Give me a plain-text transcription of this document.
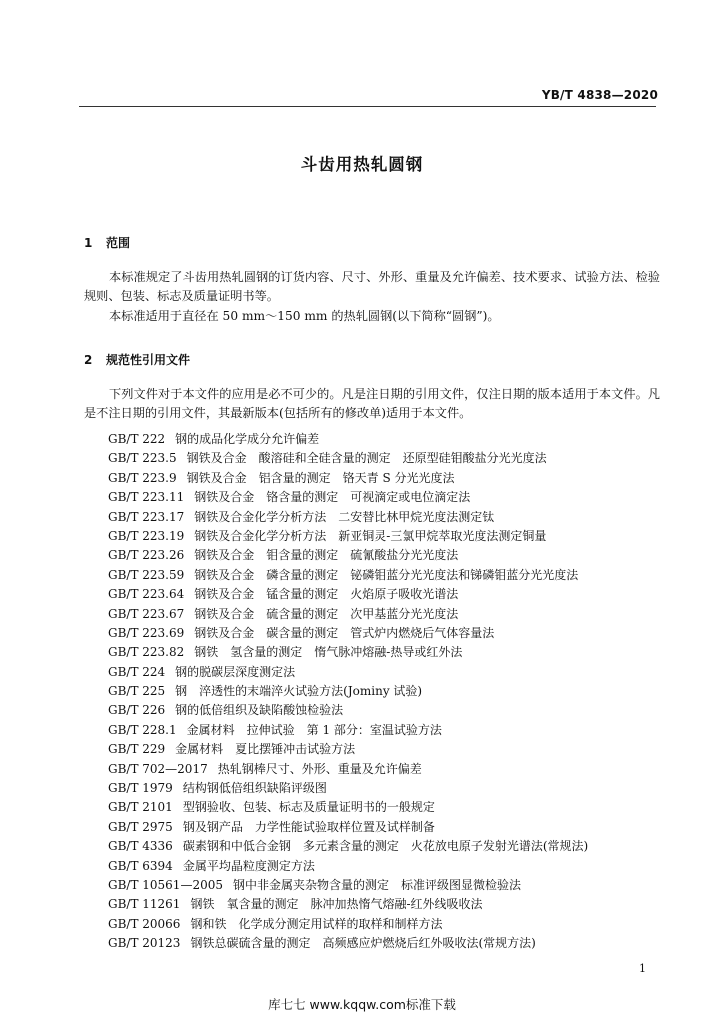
YB/T 4838—2020
斗齿用热轧圆钢
1 范围

本标准规定了斗齿用热轧圆钢的订货内容、尺寸、外形、重量及允许偏差、技术要求、试验方法、检验规则、包装、标志及质量证明书等。

本标准适用于直径在 50 mm～150 mm 的热轧圆钢(以下简称“圆钢”)。

2 规范性引用文件

下列文件对于本文件的应用是必不可少的。凡是注日期的引用文件，仅注日期的版本适用于本文件。凡是不注日期的引用文件，其最新版本(包括所有的修改单)适用于本文件。

GB/T 222 钢的成品化学成分允许偏差
GB/T 223.5 钢铁及合金　酸溶硅和全硅含量的测定　还原型硅钼酸盐分光光度法
GB/T 223.9 钢铁及合金　铝含量的测定　铬天青 S 分光光度法
GB/T 223.11 钢铁及合金　铬含量的测定　可视滴定或电位滴定法
GB/T 223.17 钢铁及合金化学分析方法　二安替比林甲烷光度法测定钛
GB/T 223.19 钢铁及合金化学分析方法　新亚铜灵-三氯甲烷萃取光度法测定铜量
GB/T 223.26 钢铁及合金　钼含量的测定　硫氰酸盐分光光度法
GB/T 223.59 钢铁及合金　磷含量的测定　铋磷钼蓝分光光度法和锑磷钼蓝分光光度法
GB/T 223.64 钢铁及合金　锰含量的测定　火焰原子吸收光谱法
GB/T 223.67 钢铁及合金　硫含量的测定　次甲基蓝分光光度法
GB/T 223.69 钢铁及合金　碳含量的测定　管式炉内燃烧后气体容量法
GB/T 223.82 钢铁　氢含量的测定　惰气脉冲熔融-热导或红外法
GB/T 224 钢的脱碳层深度测定法
GB/T 225 钢　淬透性的末端淬火试验方法(Jominy 试验)
GB/T 226 钢的低倍组织及缺陷酸蚀检验法
GB/T 228.1 金属材料　拉伸试验　第 1 部分：室温试验方法
GB/T 229 金属材料　夏比摆锤冲击试验方法
GB/T 702—2017 热轧钢棒尺寸、外形、重量及允许偏差
GB/T 1979 结构钢低倍组织缺陷评级图
GB/T 2101 型钢验收、包装、标志及质量证明书的一般规定
GB/T 2975 钢及钢产品　力学性能试验取样位置及试样制备
GB/T 4336 碳素钢和中低合金钢　多元素含量的测定　火花放电原子发射光谱法(常规法)
GB/T 6394 金属平均晶粒度测定方法
GB/T 10561—2005 钢中非金属夹杂物含量的测定　标准评级图显微检验法
GB/T 11261 钢铁　氧含量的测定　脉冲加热惰气熔融-红外线吸收法
GB/T 20066 钢和铁　化学成分测定用试样的取样和制样方法
GB/T 20123 钢铁总碳硫含量的测定　高频感应炉燃烧后红外吸收法(常规方法)
1
库七七 www.kqqw.com标准下载
